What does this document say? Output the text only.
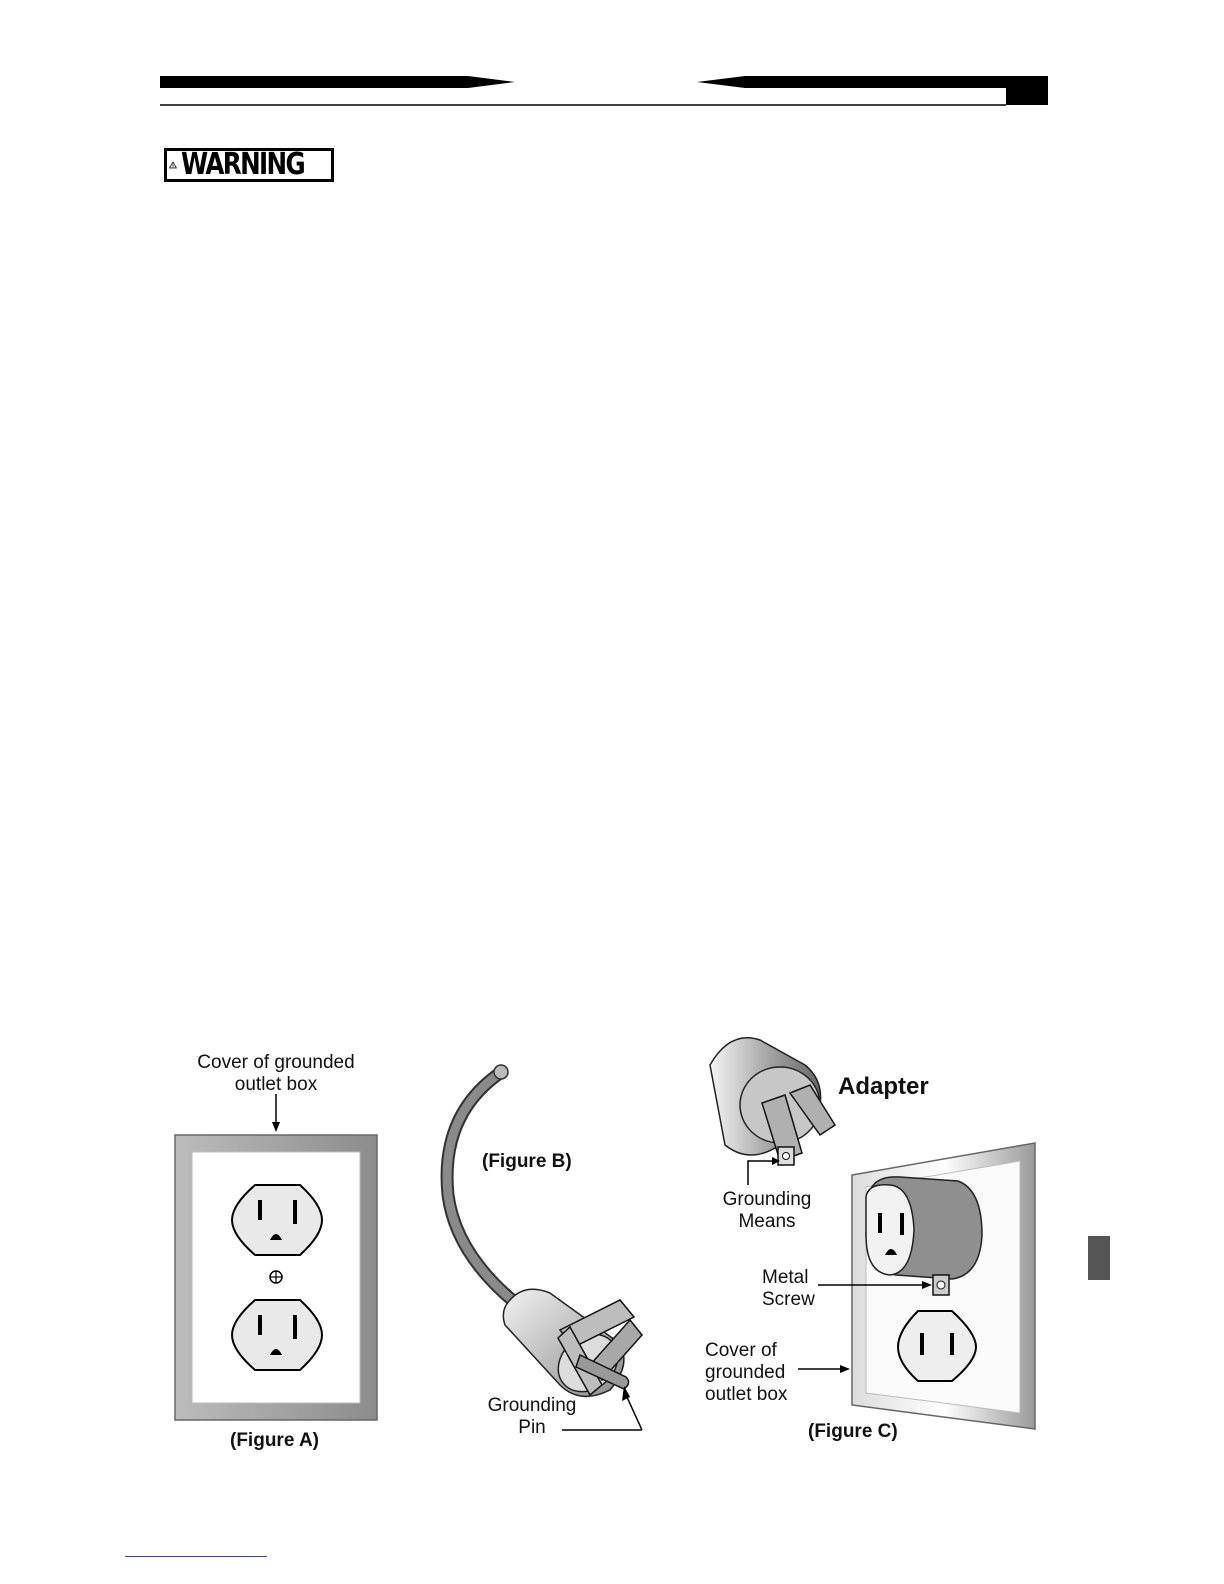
WARNING
Cover of grounded
outlet box
(Figure A)
(Figure B)
Grounding
Pin
Adapter
Grounding
Means
Metal
Screw
Cover of
grounded
outlet box
(Figure C)
